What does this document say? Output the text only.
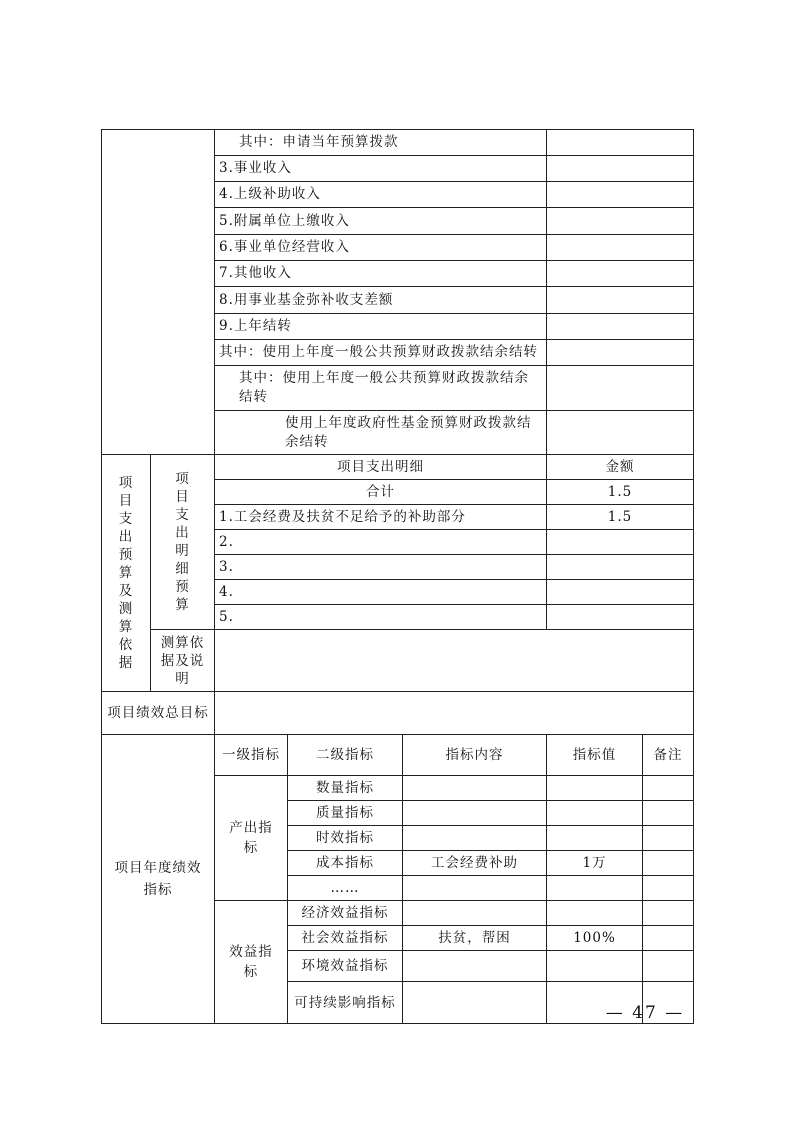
		其中：申请当年预算拨款				
		3.事业收入				
		4.上级补助收入				
		5.附属单位上缴收入				
		6.事业单位经营收入				
		7.其他收入				
		8.用事业基金弥补收支差额				
		9.上年结转				
		其中：使用上年度一般公共预算财政拨款结余结转				
		其中：使用上年度一般公共预算财政拨款结余结转				
		使用上年度政府性基金预算财政拨款结余结转				

项目支出预算及测算依据	项目支出明细预算	项目支出明细			金额	
		合计			1.5	
		1.工会经费及扶贫不足给予的补助部分			1.5	
		2.				
		3.				
		4.				
		5.				
	测算依据及说明					
项目绩效总目标						
项目年度绩效指标		一级指标	二级指标	指标内容	指标值	备注
		产出指标	数量指标			
			质量指标			
			时效指标			
			成本指标	工会经费补助	1万	
			……			
		效益指标	经济效益指标			
			社会效益指标	扶贫，帮困	100%	
			环境效益指标			
			可持续影响指标			
— 47 —
